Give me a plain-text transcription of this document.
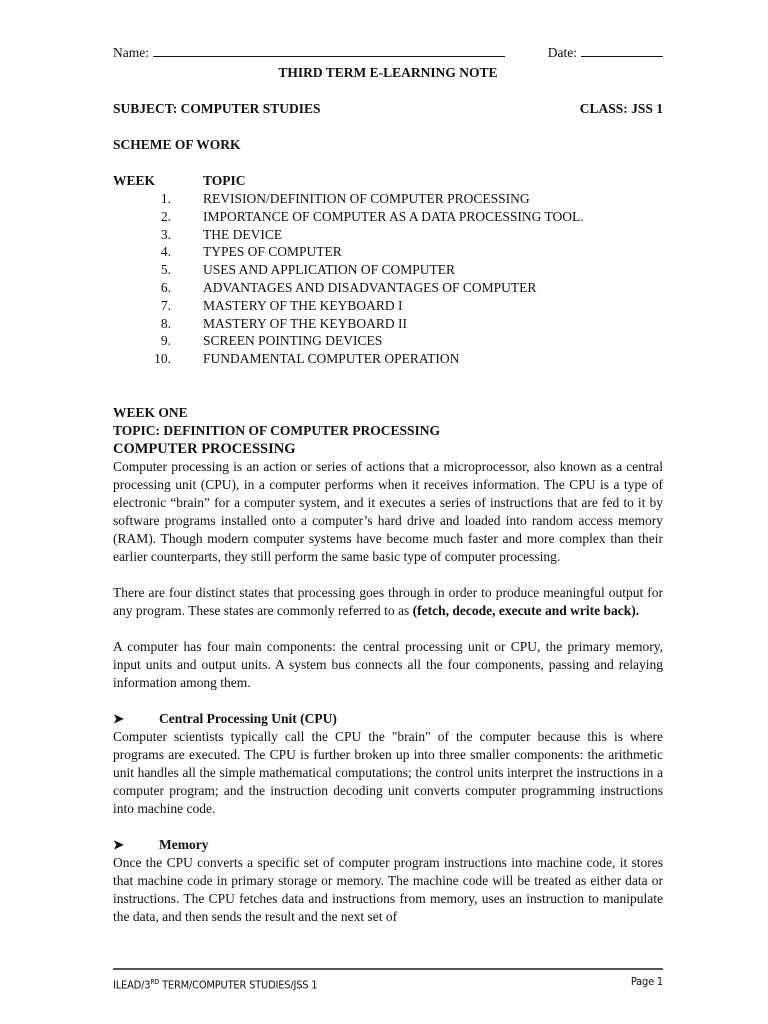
Name:	Date:
THIRD TERM E-LEARNING NOTE
SUBJECT: COMPUTER STUDIES	CLASS: JSS 1
SCHEME OF WORK
WEEK	TOPIC
1.	REVISION/DEFINITION OF COMPUTER PROCESSING
2.	IMPORTANCE OF COMPUTER AS A DATA PROCESSING TOOL.
3.	THE DEVICE
4.	TYPES OF COMPUTER
5.	USES AND APPLICATION OF COMPUTER
6.	ADVANTAGES AND DISADVANTAGES OF COMPUTER
7.	MASTERY OF THE KEYBOARD I
8.	MASTERY OF THE KEYBOARD II
9.	SCREEN POINTING DEVICES
10.	FUNDAMENTAL COMPUTER OPERATION
WEEK ONE
TOPIC: DEFINITION OF COMPUTER PROCESSING
COMPUTER PROCESSING

Computer processing is an action or series of actions that a microprocessor, also known as a central processing unit (CPU), in a computer performs when it receives information. The CPU is a type of electronic “brain” for a computer system, and it executes a series of instructions that are fed to it by software programs installed onto a computer’s hard drive and loaded into random access memory (RAM). Though modern computer systems have become much faster and more complex than their earlier counterparts, they still perform the same basic type of computer processing.

There are four distinct states that processing goes through in order to produce meaningful output for any program. These states are commonly referred to as (fetch, decode, execute and write back).

A computer has four main components: the central processing unit or CPU, the primary memory, input units and output units. A system bus connects all the four components, passing and relaying information among them.

➤	Central Processing Unit (CPU)

Computer scientists typically call the CPU the "brain" of the computer because this is where programs are executed. The CPU is further broken up into three smaller components: the arithmetic unit handles all the simple mathematical computations; the control units interpret the instructions in a computer program; and the instruction decoding unit converts computer programming instructions into machine code.

➤	Memory

Once the CPU converts a specific set of computer program instructions into machine code, it stores that machine code in primary storage or memory. The machine code will be treated as either data or instructions. The CPU fetches data and instructions from memory, uses an instruction to manipulate the data, and then sends the result and the next set of

ILEAD/3RD TERM/COMPUTER STUDIES/JSS 1	Page 1
